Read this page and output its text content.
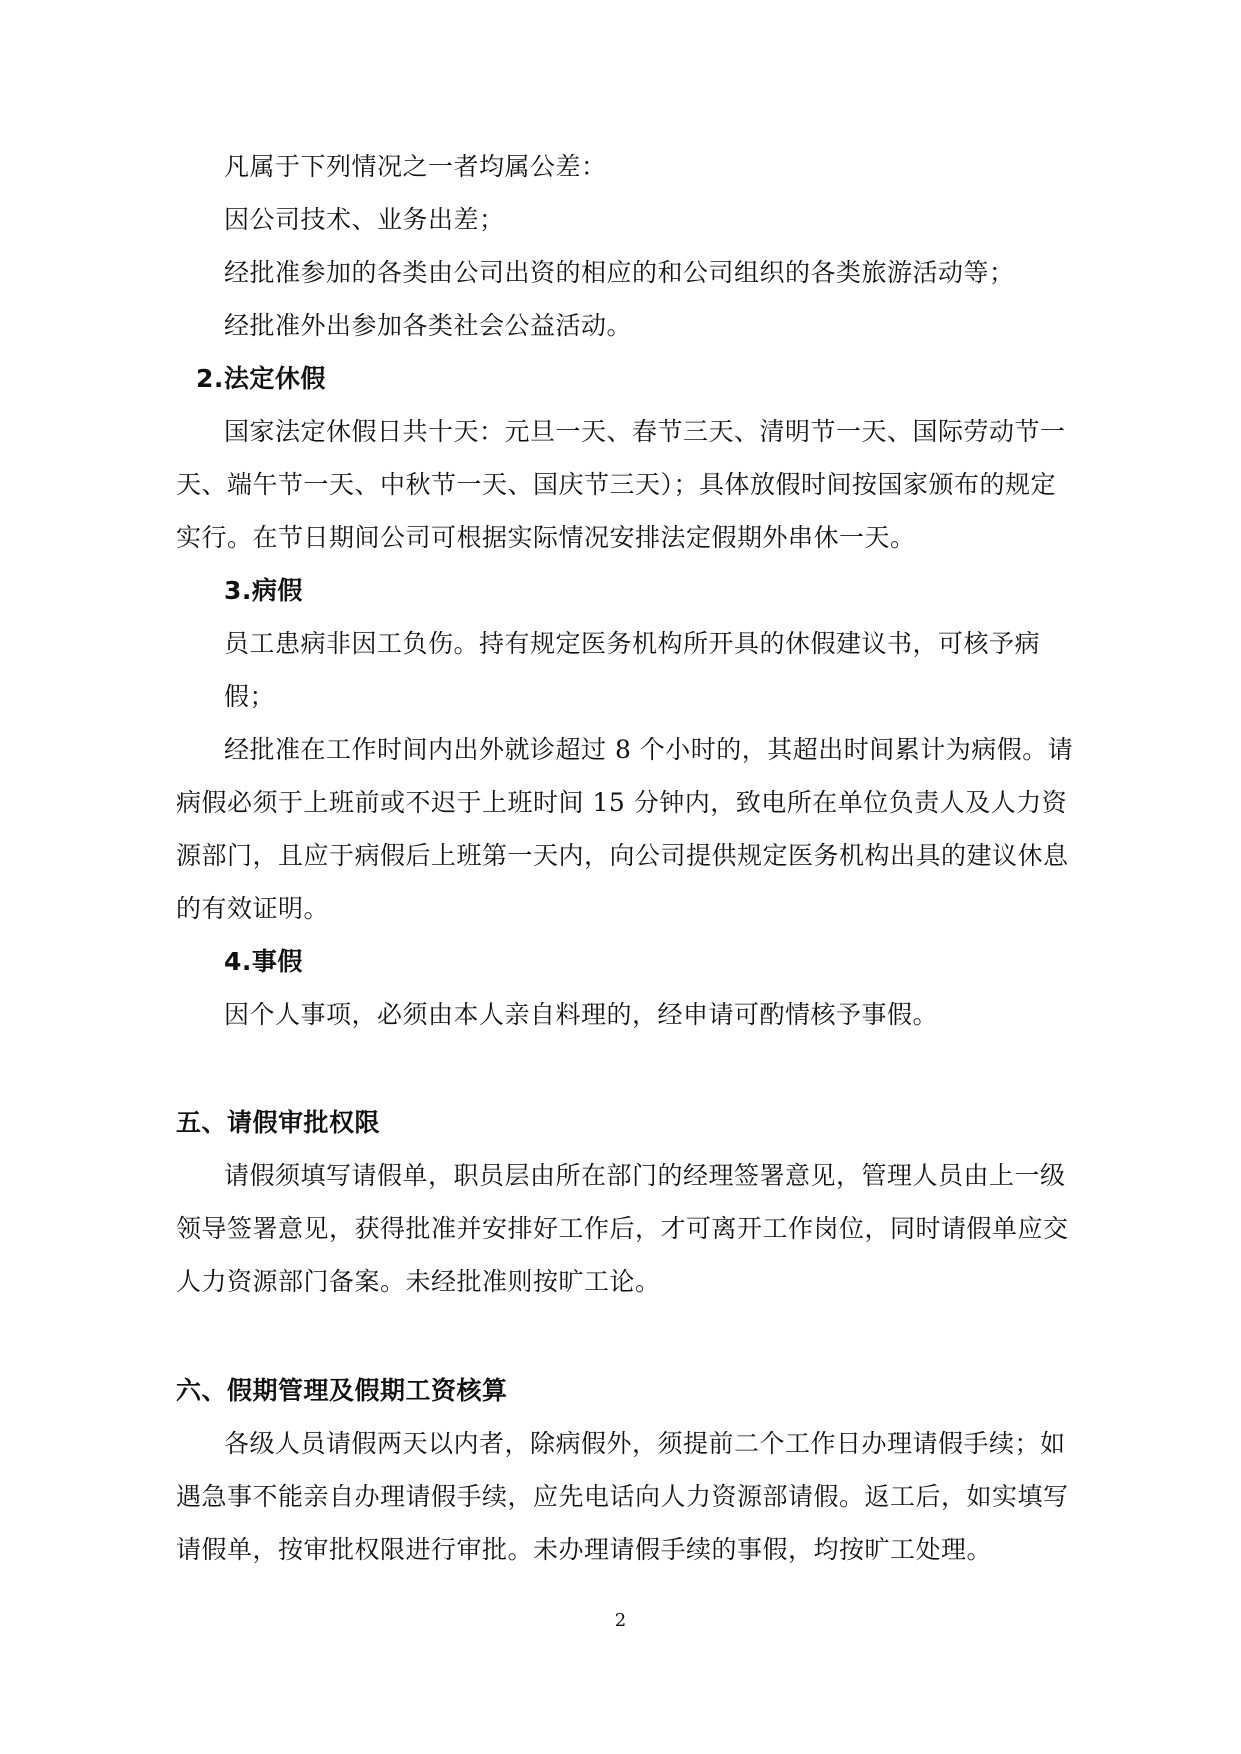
凡属于下列情况之一者均属公差：
因公司技术、业务出差；
经批准参加的各类由公司出资的相应的和公司组织的各类旅游活动等；
经批准外出参加各类社会公益活动。
2.法定休假
国家法定休假日共十天：元旦一天、春节三天、清明节一天、国际劳动节一
天、端午节一天、中秋节一天、国庆节三天）；具体放假时间按国家颁布的规定
实行。在节日期间公司可根据实际情况安排法定假期外串休一天。
3.病假
员工患病非因工负伤。持有规定医务机构所开具的休假建议书，可核予病
假；
经批准在工作时间内出外就诊超过 8 个小时的，其超出时间累计为病假。请
病假必须于上班前或不迟于上班时间 15 分钟内，致电所在单位负责人及人力资
源部门，且应于病假后上班第一天内，向公司提供规定医务机构出具的建议休息
的有效证明。
4.事假
因个人事项，必须由本人亲自料理的，经申请可酌情核予事假。
五、请假审批权限
请假须填写请假单，职员层由所在部门的经理签署意见，管理人员由上一级
领导签署意见，获得批准并安排好工作后，才可离开工作岗位，同时请假单应交
人力资源部门备案。未经批准则按旷工论。
六、假期管理及假期工资核算
各级人员请假两天以内者，除病假外，须提前二个工作日办理请假手续；如
遇急事不能亲自办理请假手续，应先电话向人力资源部请假。返工后，如实填写
请假单，按审批权限进行审批。未办理请假手续的事假，均按旷工处理。
2
